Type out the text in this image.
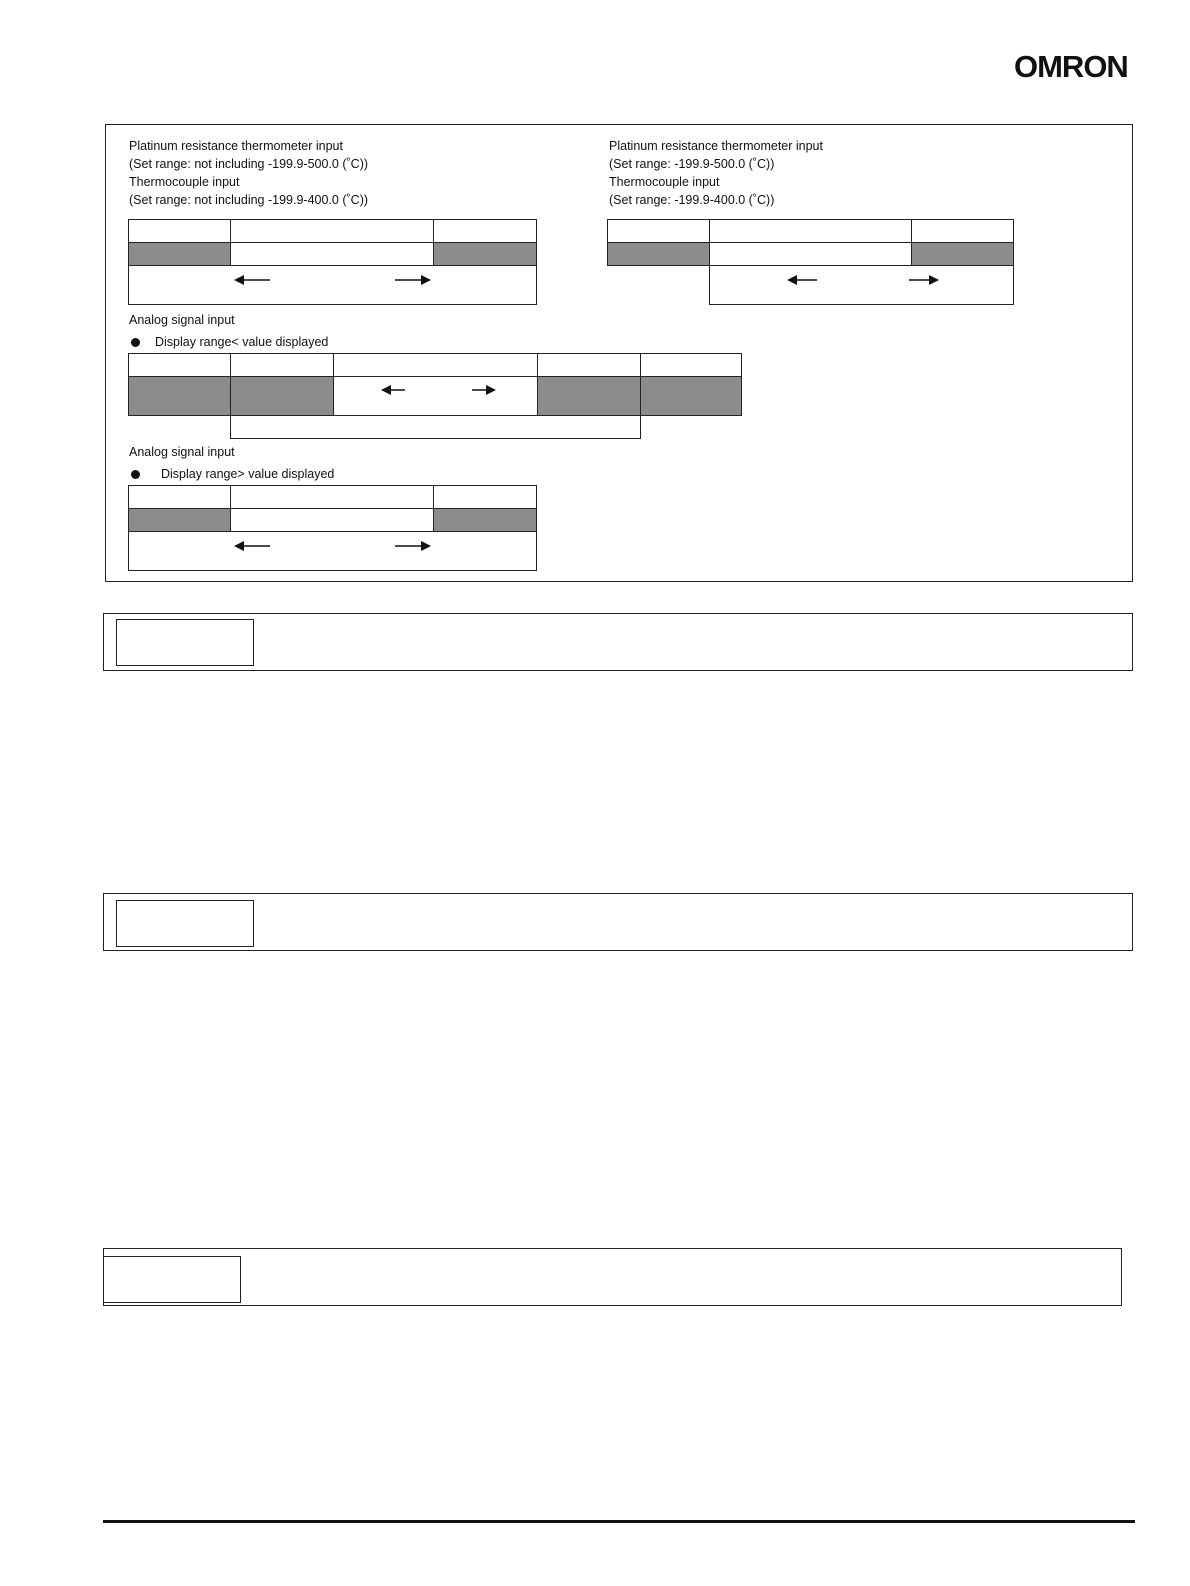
OMRON
Platinum resistance thermometer input
(Set range: not including -199.9-500.0 (˚C))
Thermocouple input
(Set range: not including -199.9-400.0 (˚C))
Platinum resistance thermometer input
(Set range: -199.9-500.0 (˚C))
Thermocouple input
(Set range: -199.9-400.0 (˚C))
Analog signal input
Display range< value displayed
Analog signal input
Display range> value displayed
